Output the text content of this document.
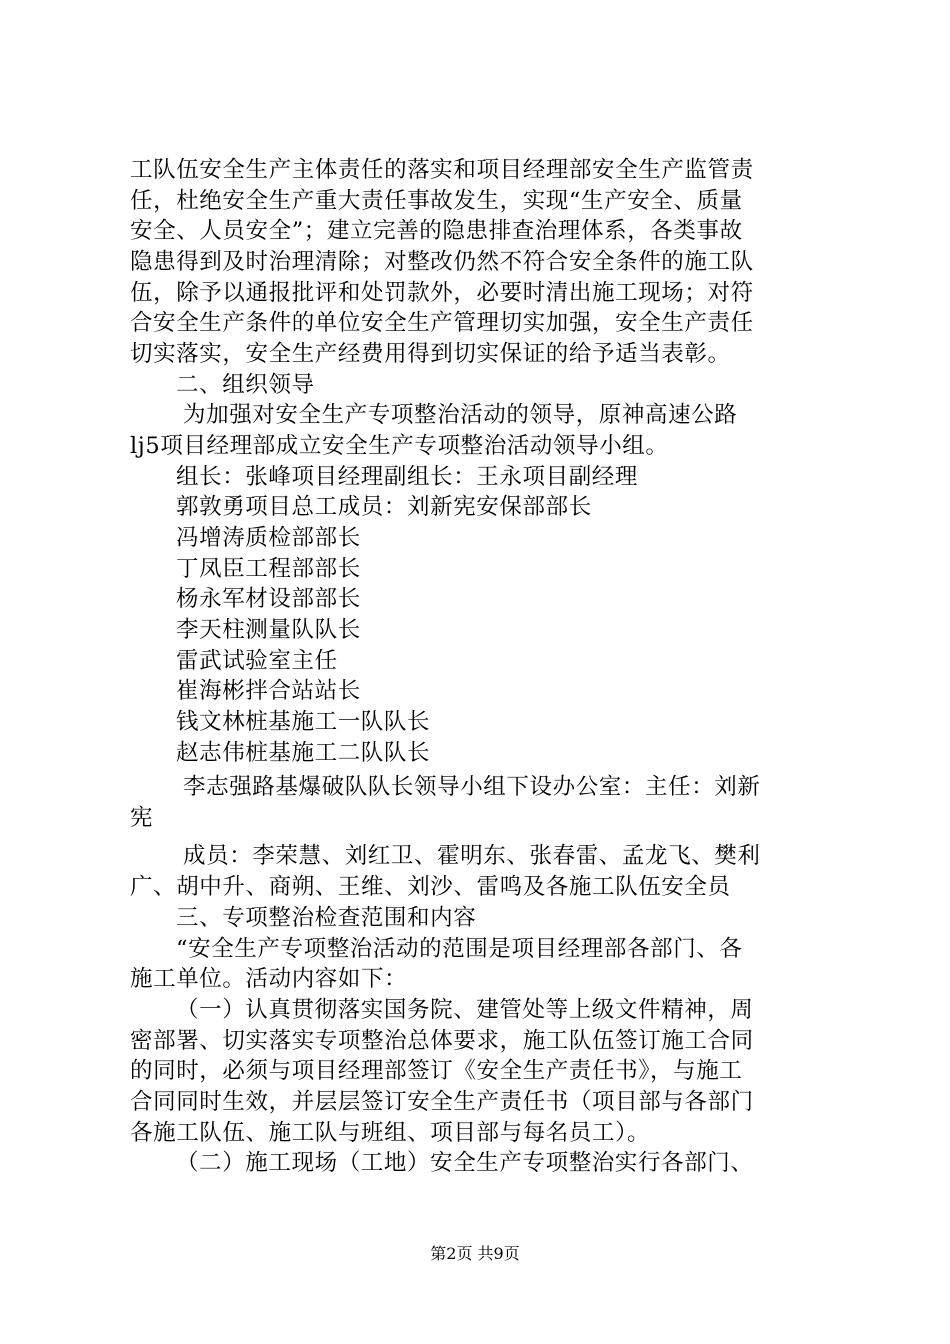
工队伍安全生产主体责任的落实和项目经理部安全生产监管责
任，杜绝安全生产重大责任事故发生，实现“生产安全、质量
安全、人员安全”；建立完善的隐患排查治理体系，各类事故
隐患得到及时治理清除；对整改仍然不符合安全条件的施工队
伍，除予以通报批评和处罚款外，必要时清出施工现场；对符
合安全生产条件的单位安全生产管理切实加强，安全生产责任
切实落实，安全生产经费用得到切实保证的给予适当表彰。
二、组织领导
为加强对安全生产专项整治活动的领导，原神高速公路
lj5项目经理部成立安全生产专项整治活动领导小组。
组长：张峰项目经理副组长：王永项目副经理
郭敦勇项目总工成员：刘新宪安保部部长
冯增涛质检部部长
丁凤臣工程部部长
杨永军材设部部长
李天柱测量队队长
雷武试验室主任
崔海彬拌合站站长
钱文林桩基施工一队队长
赵志伟桩基施工二队队长
李志强路基爆破队队长领导小组下设办公室：主任：刘新
宪
成员：李荣慧、刘红卫、霍明东、张春雷、孟龙飞、樊利
广、胡中升、商朔、王维、刘沙、雷鸣及各施工队伍安全员
三、专项整治检查范围和内容
“安全生产专项整治活动的范围是项目经理部各部门、各
施工单位。活动内容如下：
（一）认真贯彻落实国务院、建管处等上级文件精神，周
密部署、切实落实专项整治总体要求，施工队伍签订施工合同
的同时，必须与项目经理部签订《安全生产责任书》，与施工
合同同时生效，并层层签订安全生产责任书（项目部与各部门
各施工队伍、施工队与班组、项目部与每名员工）。
（二）施工现场（工地）安全生产专项整治实行各部门、
第2页 共9页
